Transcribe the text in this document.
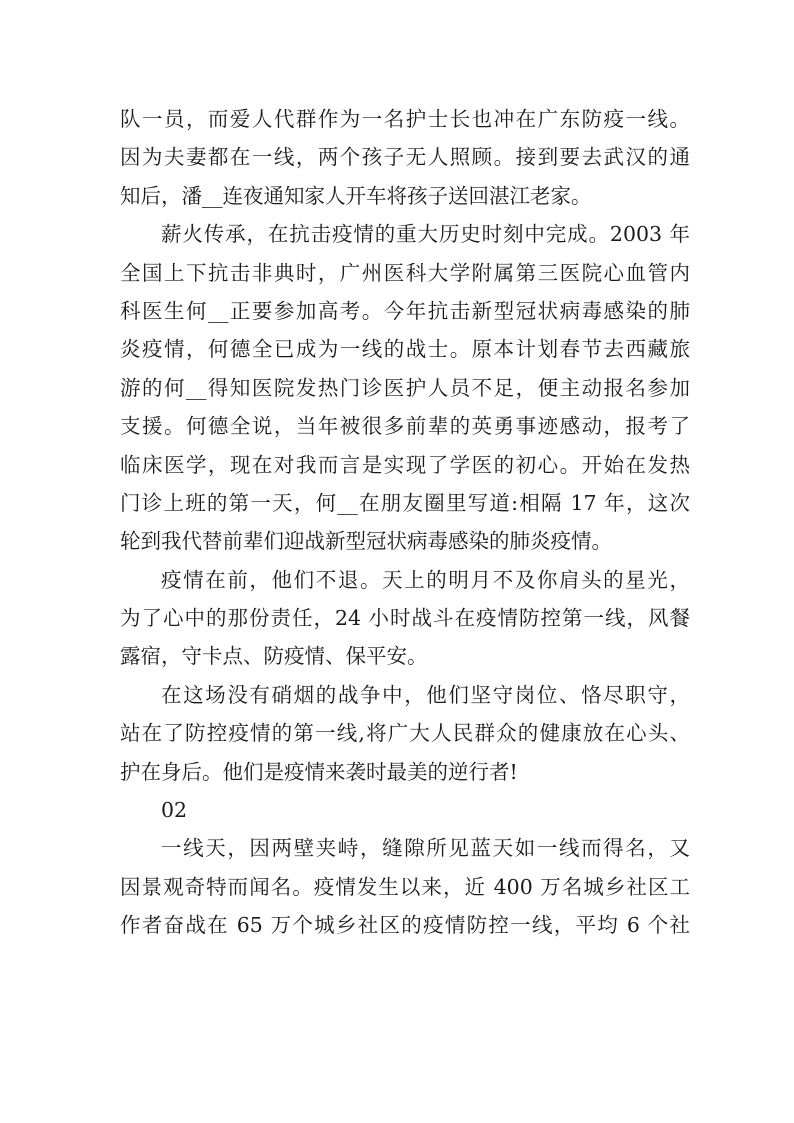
队一员，而爱人代群作为一名护士长也冲在广东防疫一线。
因为夫妻都在一线，两个孩子无人照顾。接到要去武汉的通
知后，潘__连夜通知家人开车将孩子送回湛江老家。
薪火传承，在抗击疫情的重大历史时刻中完成。2003 年
全国上下抗击非典时，广州医科大学附属第三医院心血管内
科医生何__正要参加高考。今年抗击新型冠状病毒感染的肺
炎疫情，何德全已成为一线的战士。原本计划春节去西藏旅
游的何__得知医院发热门诊医护人员不足，便主动报名参加
支援。何德全说，当年被很多前辈的英勇事迹感动，报考了
临床医学，现在对我而言是实现了学医的初心。开始在发热
门诊上班的第一天，何__在朋友圈里写道:相隔 17 年，这次
轮到我代替前辈们迎战新型冠状病毒感染的肺炎疫情。
疫情在前，他们不退。天上的明月不及你肩头的星光，
为了心中的那份责任，24 小时战斗在疫情防控第一线，风餐
露宿，守卡点、防疫情、保平安。
在这场没有硝烟的战争中，他们坚守岗位、恪尽职守，
站在了防控疫情的第一线,将广大人民群众的健康放在心头、
护在身后。他们是疫情来袭时最美的逆行者!
02
一线天，因两壁夹峙，缝隙所见蓝天如一线而得名，又
因景观奇特而闻名。疫情发生以来，近 400 万名城乡社区工
作者奋战在 65 万个城乡社区的疫情防控一线，平均 6 个社
